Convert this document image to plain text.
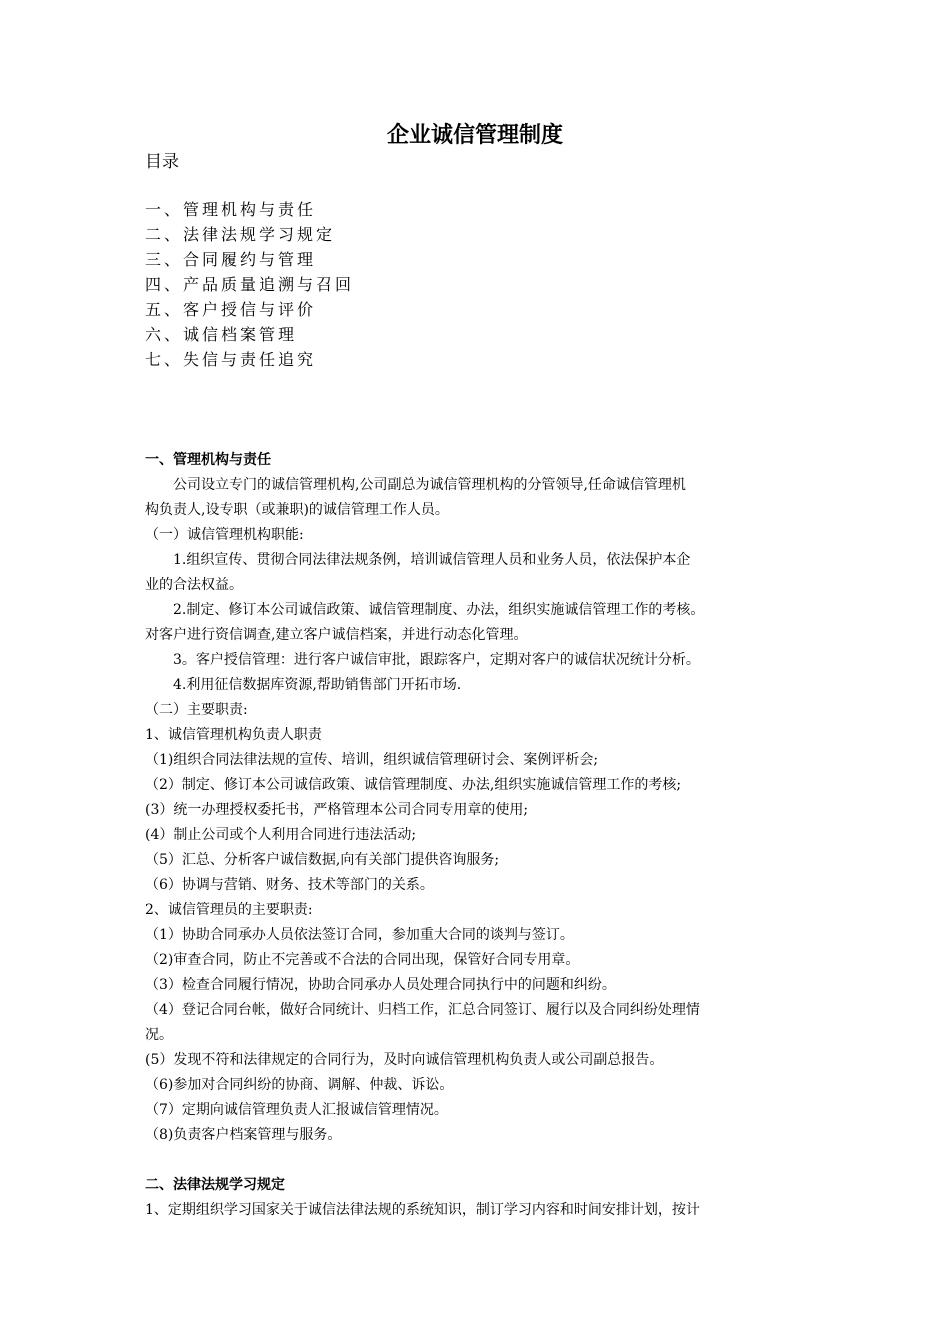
企业诚信管理制度
目录
一、管理机构与责任
二、法律法规学习规定
三、合同履约与管理
四、产品质量追溯与召回
五、客户授信与评价
六、诚信档案管理
七、失信与责任追究

一、管理机构与责任

公司设立专门的诚信管理机构,公司副总为诚信管理机构的分管领导,任命诚信管理机

构负责人,设专职（或兼职)的诚信管理工作人员。

（一）诚信管理机构职能:

1.组织宣传、贯彻合同法律法规条例，培训诚信管理人员和业务人员，依法保护本企

业的合法权益。

2.制定、修订本公司诚信政策、诚信管理制度、办法，组织实施诚信管理工作的考核。

对客户进行资信调查,建立客户诚信档案，并进行动态化管理。

3。客户授信管理：进行客户诚信审批，跟踪客户，定期对客户的诚信状况统计分析。

4.利用征信数据库资源,帮助销售部门开拓市场.

（二）主要职责:

1、诚信管理机构负责人职责

（1)组织合同法律法规的宣传、培训，组织诚信管理研讨会、案例评析会;

（2）制定、修订本公司诚信政策、诚信管理制度、办法,组织实施诚信管理工作的考核;

(3）统一办理授权委托书，严格管理本公司合同专用章的使用;

(4）制止公司或个人利用合同进行违法活动;

（5）汇总、分析客户诚信数据,向有关部门提供咨询服务;

（6）协调与营销、财务、技术等部门的关系。

2、诚信管理员的主要职责:

（1）协助合同承办人员依法签订合同，参加重大合同的谈判与签订。

（2)审查合同，防止不完善或不合法的合同出现，保管好合同专用章。

（3）检查合同履行情况，协助合同承办人员处理合同执行中的问题和纠纷。

（4）登记合同台帐，做好合同统计、归档工作，汇总合同签订、履行以及合同纠纷处理情

况。

(5）发现不符和法律规定的合同行为，及时向诚信管理机构负责人或公司副总报告。

（6)参加对合同纠纷的协商、调解、仲裁、诉讼。

（7）定期向诚信管理负责人汇报诚信管理情况。

（8)负责客户档案管理与服务。

二、法律法规学习规定

1、定期组织学习国家关于诚信法律法规的系统知识，制订学习内容和时间安排计划，按计
